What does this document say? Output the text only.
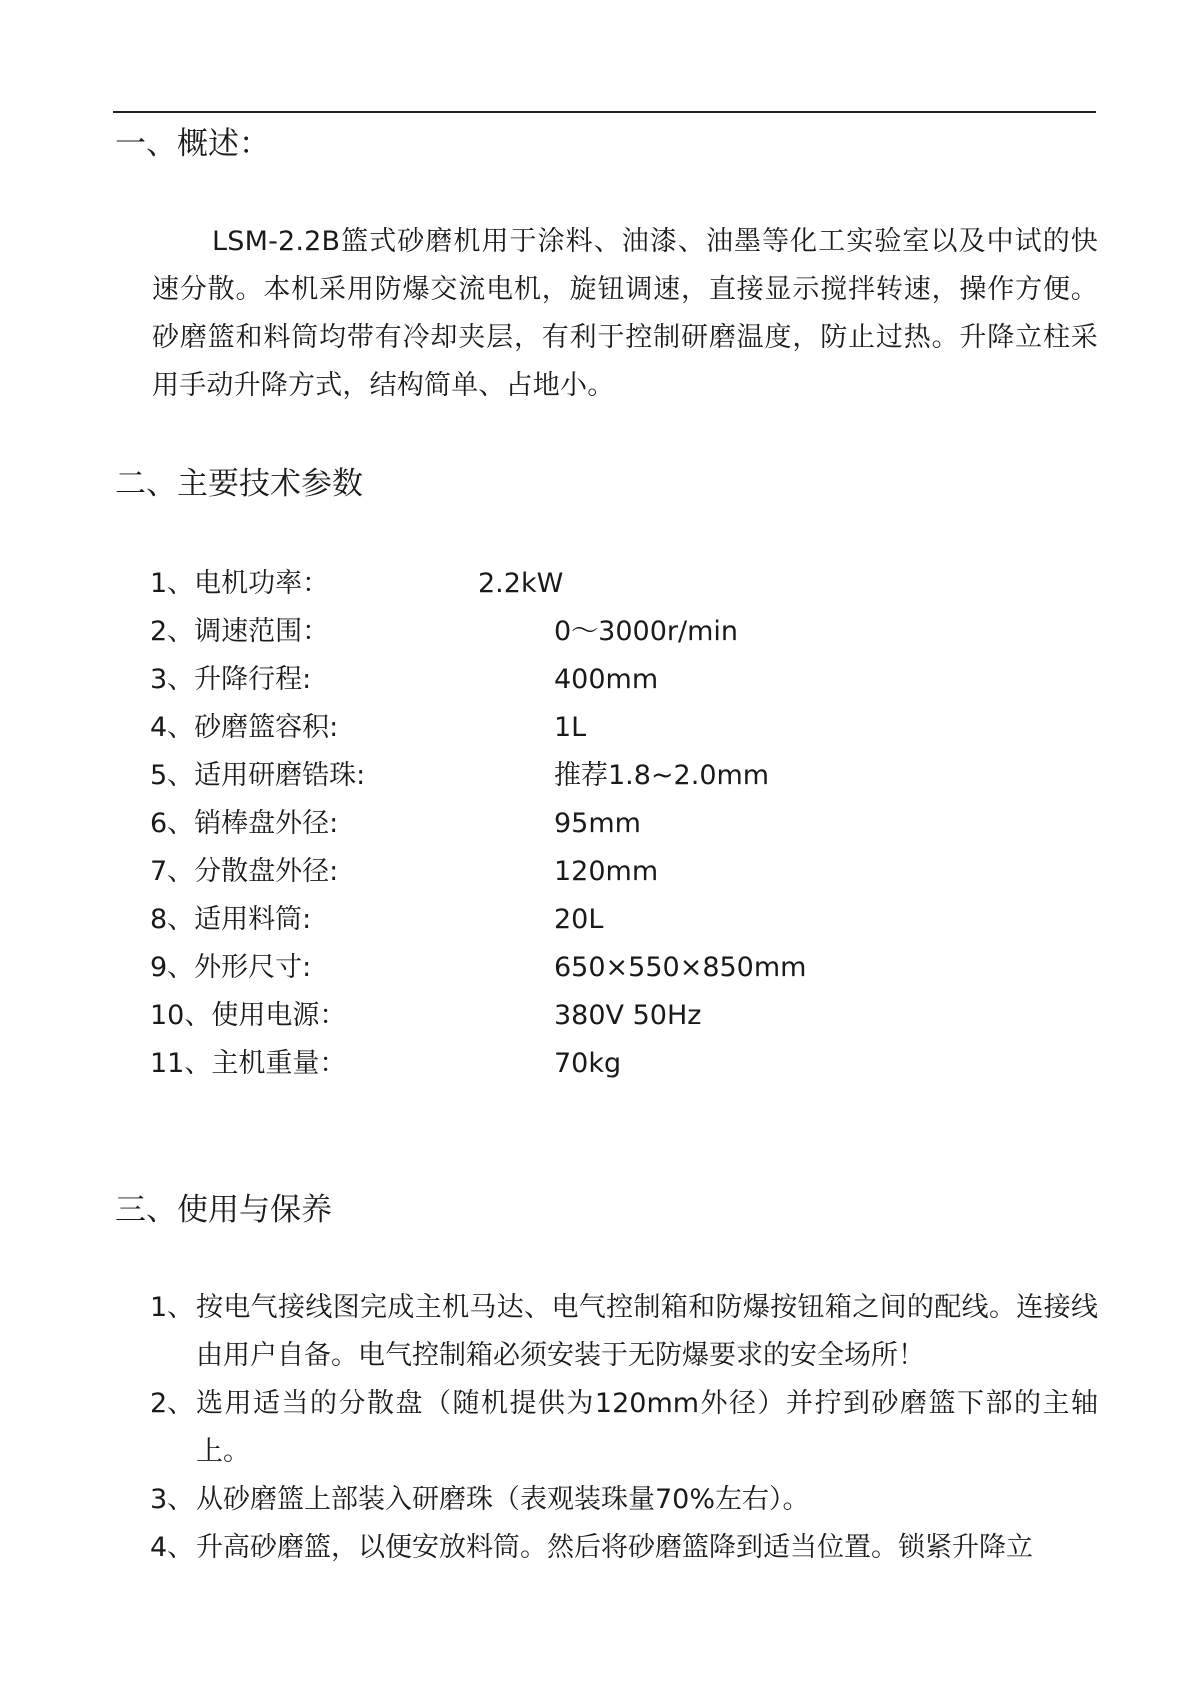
一、概述：

LSM-2.2B篮式砂磨机用于涂料、油漆、油墨等化工实验室以及中试的快速分散。本机采用防爆交流电机，旋钮调速，直接显示搅拌转速，操作方便。砂磨篮和料筒均带有冷却夹层，有利于控制研磨温度，防止过热。升降立柱采用手动升降方式，结构简单、占地小。

二、主要技术参数
1、电机功率：	2.2kW
2、调速范围：	0～3000r/min
3、升降行程:	400mm
4、砂磨篮容积:	1L
5、适用研磨锆珠:	推荐1.8~2.0mm
6、销棒盘外径:	95mm
7、分散盘外径:	120mm
8、适用料筒:	20L
9、外形尺寸:	650×550×850mm
10、使用电源：	380V 50Hz
11、主机重量：	70kg
三、使用与保养

1、 按电气接线图完成主机马达、电气控制箱和防爆按钮箱之间的配线。连接线由用户自备。电气控制箱必须安装于无防爆要求的安全场所！

2、 选用适当的分散盘（随机提供为120mm外径）并拧到砂磨篮下部的主轴上。

3、 从砂磨篮上部装入研磨珠（表观装珠量70%左右）。

4、 升高砂磨篮，以便安放料筒。然后将砂磨篮降到适当位置。锁紧升降立
